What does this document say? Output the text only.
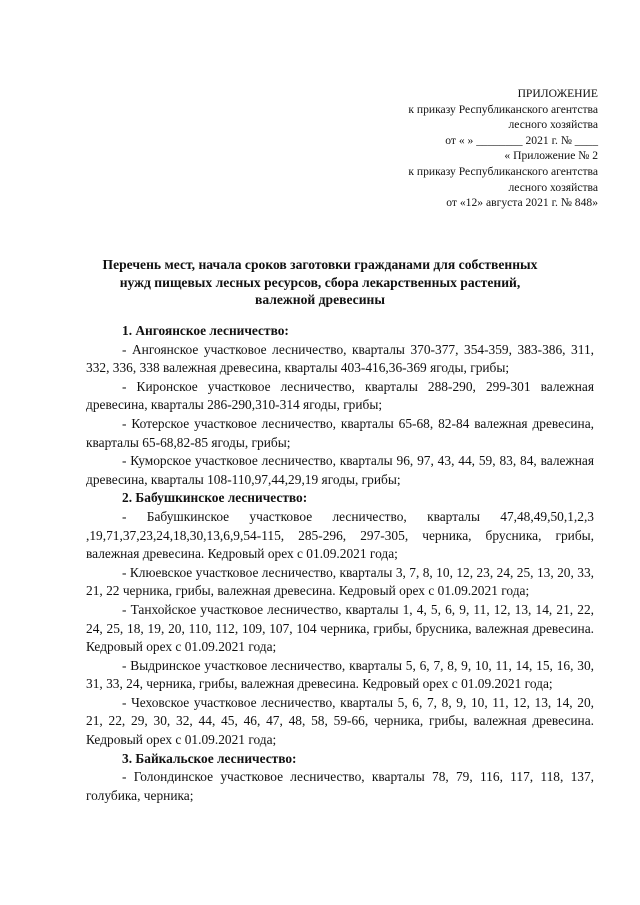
ПРИЛОЖЕНИЕ
к приказу Республиканского агентства
лесного хозяйства
от « » ________ 2021 г. № ____
« Приложение № 2
к приказу Республиканского агентства
лесного хозяйства
от «12» августа 2021 г. № 848»
Перечень мест, начала сроков заготовки гражданами для собственных
нужд пищевых лесных ресурсов, сбора лекарственных растений,
валежной древесины

1. Ангоянское лесничество:

- Ангоянское участковое лесничество, кварталы 370-377, 354-359, 383-386, 311, 332, 336, 338 валежная древесина, кварталы 403-416,36-369 ягоды, грибы;

- Киронское участковое лесничество, кварталы 288-290, 299-301 валежная древесина, кварталы 286-290,310-314 ягоды, грибы;

- Котерское участковое лесничество, кварталы 65-68, 82-84 валежная древесина, кварталы 65-68,82-85 ягоды, грибы;

- Куморское участковое лесничество, кварталы 96, 97, 43, 44, 59, 83, 84, валежная древесина, кварталы 108-110,97,44,29,19 ягоды, грибы;

2. Бабушкинское лесничество:

- Бабушкинское участковое лесничество, кварталы 47,48,49,50,1,2,3 ,19,71,37,23,24,18,30,13,6,9,54-115, 285-296, 297-305, черника, брусника, грибы, валежная древесина. Кедровый орех с 01.09.2021 года;

- Клюевское участковое лесничество, кварталы 3, 7, 8, 10, 12, 23, 24, 25, 13, 20, 33, 21, 22 черника, грибы, валежная древесина. Кедровый орех с 01.09.2021 года;

- Танхойское участковое лесничество, кварталы 1, 4, 5, 6, 9, 11, 12, 13, 14, 21, 22, 24, 25, 18, 19, 20, 110, 112, 109, 107, 104 черника, грибы, брусника, валежная древесина. Кедровый орех с 01.09.2021 года;

- Выдринское участковое лесничество, кварталы 5, 6, 7, 8, 9, 10, 11, 14, 15, 16, 30, 31, 33, 24, черника, грибы, валежная древесина. Кедровый орех с 01.09.2021 года;

- Чеховское участковое лесничество, кварталы 5, 6, 7, 8, 9, 10, 11, 12, 13, 14, 20, 21, 22, 29, 30, 32, 44, 45, 46, 47, 48, 58, 59-66, черника, грибы, валежная древесина. Кедровый орех с 01.09.2021 года;

3. Байкальское лесничество:

- Голондинское участковое лесничество, кварталы 78, 79, 116, 117, 118, 137, голубика, черника;
